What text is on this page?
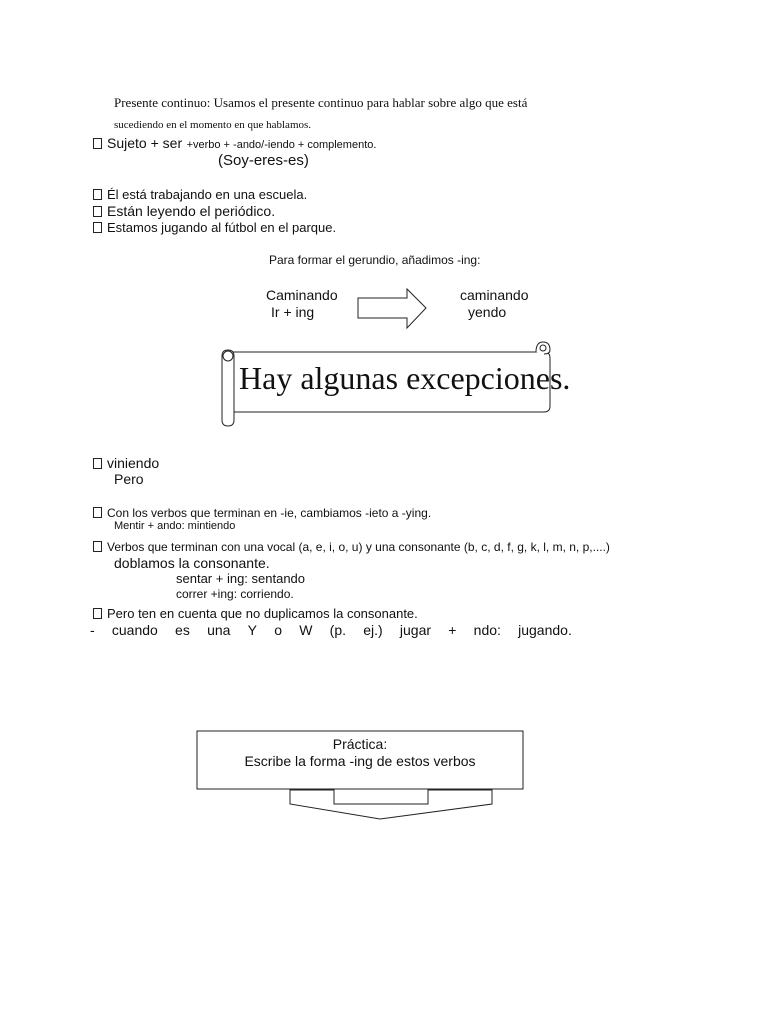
Presente continuo: Usamos el presente continuo para hablar sobre algo que está
sucediendo en el momento en que hablamos.
Sujeto + ser +verbo + -ando/-iendo + complemento.
(Soy-eres-es)
Él está trabajando en una escuela.
Están leyendo el periódico.
Estamos jugando al fútbol en el parque.
Para formar el gerundio, añadimos -ing:
Caminando
Ir + ing
caminando
yendo
Hay algunas excepciones.
viniendo
Pero
Con los verbos que terminan en -ie, cambiamos -ieto a -ying.
Mentir + ando: mintiendo
Verbos que terminan con una vocal (a, e, i, o, u) y una consonante (b, c, d, f, g, k, l, m, n, p,....)
doblamos la consonante.
sentar + ing: sentando
correr +ing: corriendo.
Pero ten en cuenta que no duplicamos la consonante.
- cuando es una Y o W (p. ej.) jugar + ndo: jugando.
Práctica:
Escribe la forma -ing de estos verbos
